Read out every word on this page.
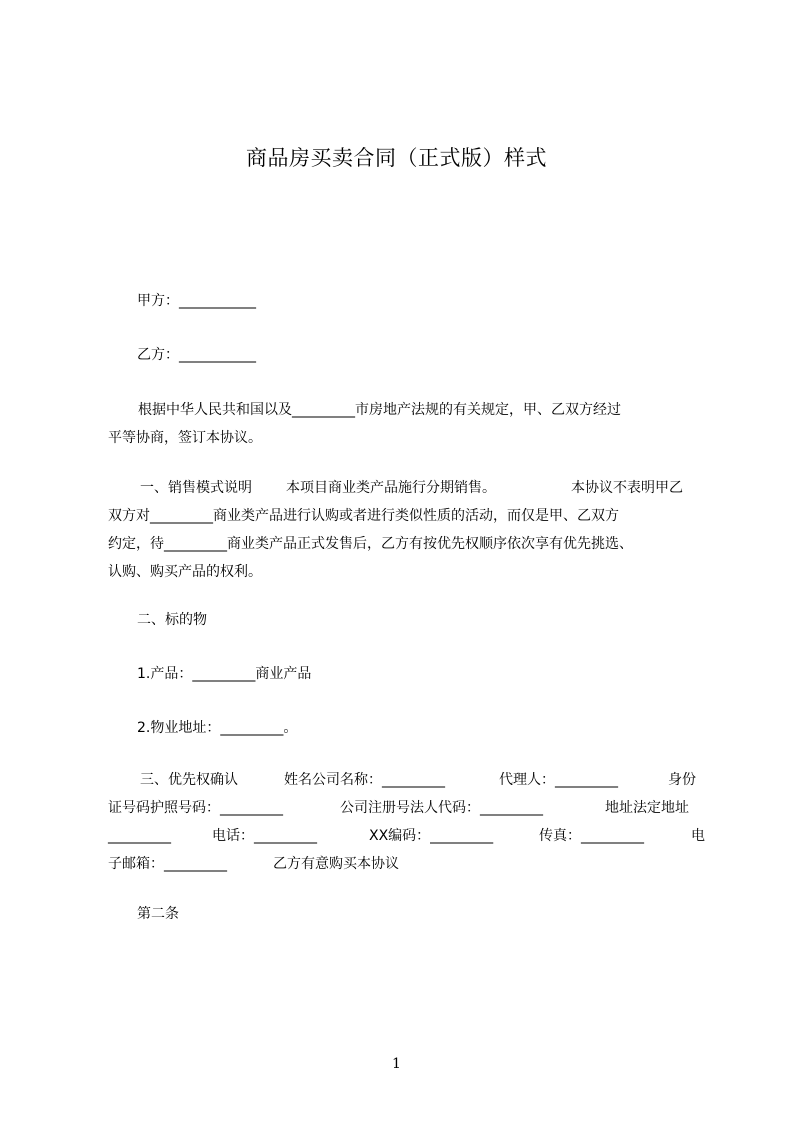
商品房买卖合同（正式版）样式
甲方：___________
乙方：___________
根据中华人民共和国以及_________市房地产法规的有关规定，甲、乙双方经过
平等协商，签订本协议。
一、销售模式说明 本项目商业类产品施行分期销售。	本协议不表明甲乙
双方对_________商业类产品进行认购或者进行类似性质的活动，而仅是甲、乙双方
约定，待_________商业类产品正式发售后，乙方有按优先权顺序依次享有优先挑选、
认购、购买产品的权利。
二、标的物
1.产品：_________商业产品
2.物业地址：_________。
三、优先权确认	姓名公司名称：_________	代理人：_________	身份
证号码护照号码：_________	公司注册号法人代码：_________	地址法定地址
_________	电话：_________	XX编码：_________	传真：_________	电
子邮箱：_________	乙方有意购买本协议
第二条
1
